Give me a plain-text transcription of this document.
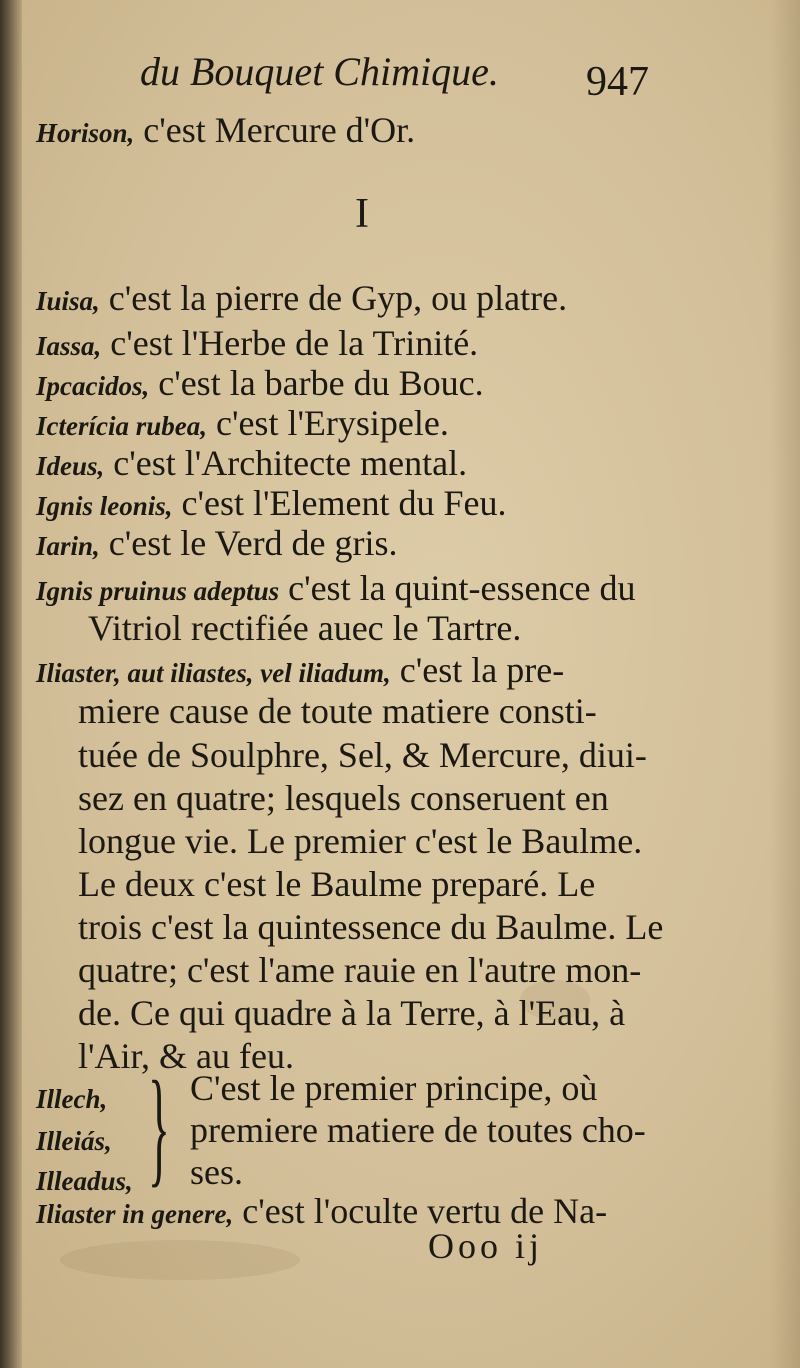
du Bouquet Chimique. 947
Horison, c'est Mercure d'Or.
I
Iuisa, c'est la pierre de Gyp, ou platre.
Iassa, c'est l'Herbe de la Trinité.
Ipcacidos, c'est la barbe du Bouc.
Icterícia rubea, c'est l'Erysipele.
Ideus, c'est l'Architecte mental.
Ignis leonis, c'est l'Element du Feu.
Iarin, c'est le Verd de gris.
Ignis pruinus adeptus c'est la quint-essence du
Vitriol rectifiée auec le Tartre.
Iliaster, aut iliastes, vel iliadum, c'est la pre-
miere cause de toute matiere consti-
tuée de Soulphre, Sel, & Mercure, diui-
sez en quatre; lesquels conseruent en
longue vie. Le premier c'est le Baulme.
Le deux c'est le Baulme preparé. Le
trois c'est la quintessence du Baulme. Le
quatre; c'est l'ame rauie en l'autre mon-
de. Ce qui quadre à la Terre, à l'Eau, à
l'Air, & au feu.
Illech,
Illeiás,
Illeadus, } C'est le premier principe, où
premiere matiere de toutes cho-
ses.
Iliaster in genere, c'est l'oculte vertu de Na-
Ooo ij
